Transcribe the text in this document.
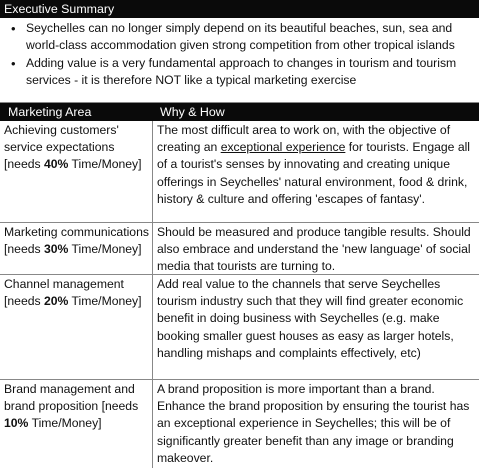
Executive Summary
• Seychelles can no longer simply depend on its beautiful beaches, sun, sea and world-class accommodation given strong competition from other tropical islands
• Adding value is a very fundamental approach to changes in tourism and tourism services - it is therefore NOT like a typical marketing exercise
Marketing Area	Why & How
Achieving customers' service expectations [needs 40% Time/Money]
The most difficult area to work on, with the objective of creating an exceptional experience for tourists. Engage all of a tourist's senses by innovating and creating unique offerings in Seychelles' natural environment, food & drink, history & culture and offering 'escapes of fantasy'.
Marketing communications [needs 30% Time/Money]
Should be measured and produce tangible results. Should also embrace and understand the 'new language' of social media that tourists are turning to.
Channel management
[needs 20% Time/Money]
Add real value to the channels that serve Seychelles tourism industry such that they will find greater economic benefit in doing business with Seychelles (e.g. make booking smaller guest houses as easy as larger hotels, handling mishaps and complaints effectively, etc)
Brand management and brand proposition [needs 10% Time/Money]
A brand proposition is more important than a brand. Enhance the brand proposition by ensuring the tourist has an exceptional experience in Seychelles; this will be of significantly greater benefit than any image or branding makeover.
